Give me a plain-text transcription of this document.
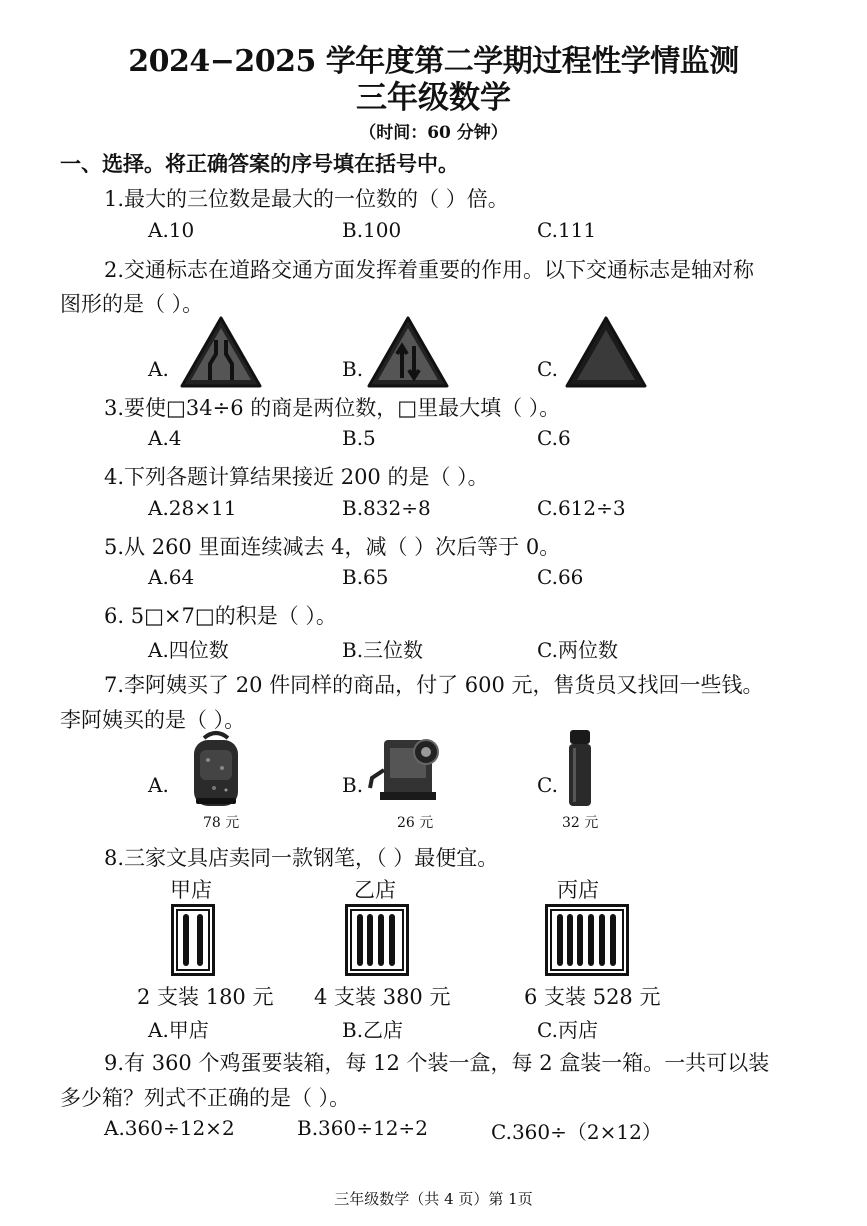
2024−2025 学年度第二学期过程性学情监测
三年级数学
（时间：60 分钟）
一、选择。将正确答案的序号填在括号中。
1.最大的三位数是最大的一位数的（ ）倍。
A.10	B.100	C.111
2.交通标志在道路交通方面发挥着重要的作用。以下交通标志是轴对称
图形的是（ ）。
A.	B.	C.
3.要使□34÷6 的商是两位数，□里最大填（ ）。
A.4	B.5	C.6
4.下列各题计算结果接近 200 的是（ ）。
A.28×11	B.832÷8	C.612÷3
5.从 260 里面连续减去 4，减（ ）次后等于 0。
A.64	B.65	C.66
6. 5□×7□的积是（ ）。
A.四位数	B.三位数	C.两位数
7.李阿姨买了 20 件同样的商品，付了 600 元，售货员又找回一些钱。
李阿姨买的是（ ）。
A.	B.	C.
78 元	26 元	32 元
8.三家文具店卖同一款钢笔，（ ）最便宜。
甲店	乙店	丙店
2 支装 180 元 4 支装 380 元	6 支装 528 元
A.甲店	B.乙店	C.丙店
9.有 360 个鸡蛋要装箱，每 12 个装一盒，每 2 盒装一箱。一共可以装
多少箱？列式不正确的是（ ）。
A.360÷12×2	B.360÷12÷2	C.360÷（2×12）
三年级数学（共 4 页）第 1页
